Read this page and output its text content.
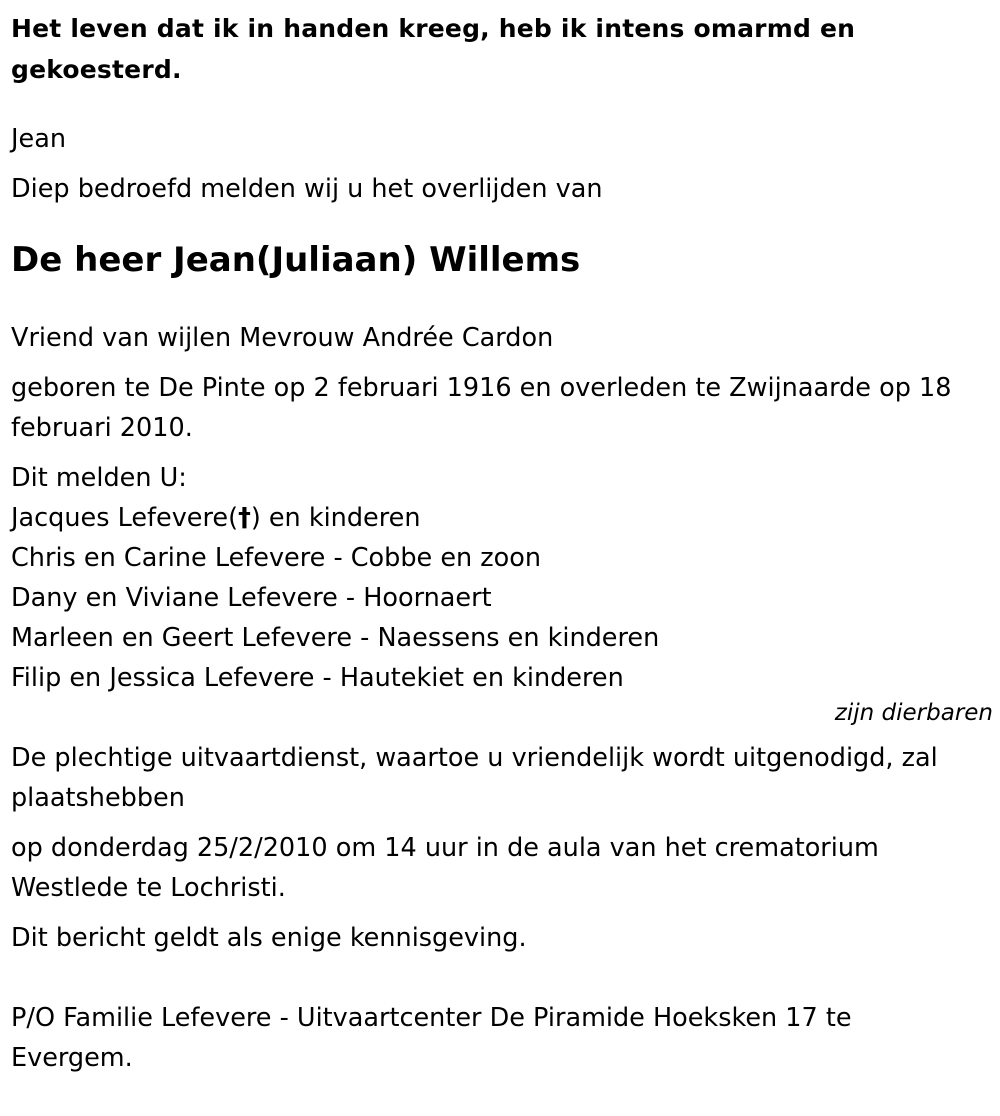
Het leven dat ik in handen kreeg, heb ik intens omarmd en

gekoesterd.

Jean

Diep bedroefd melden wij u het overlijden van

De heer Jean(Juliaan) Willems

Vriend van wijlen Mevrouw Andrée Cardon

geboren te De Pinte op 2 februari 1916 en overleden te Zwijnaarde op 18

februari 2010.

Dit melden U:

Jacques Lefevere(†) en kinderen
Chris en Carine Lefevere - Cobbe en zoon
Dany en Viviane Lefevere - Hoornaert
Marleen en Geert Lefevere - Naessens en kinderen
Filip en Jessica Lefevere - Hautekiet en kinderen

zijn dierbaren

De plechtige uitvaartdienst, waartoe u vriendelijk wordt uitgenodigd, zal

plaatshebben

op donderdag 25/2/2010 om 14 uur in de aula van het crematorium

Westlede te Lochristi.

Dit bericht geldt als enige kennisgeving.

P/O Familie Lefevere - Uitvaartcenter De Piramide Hoeksken 17 te

Evergem.
